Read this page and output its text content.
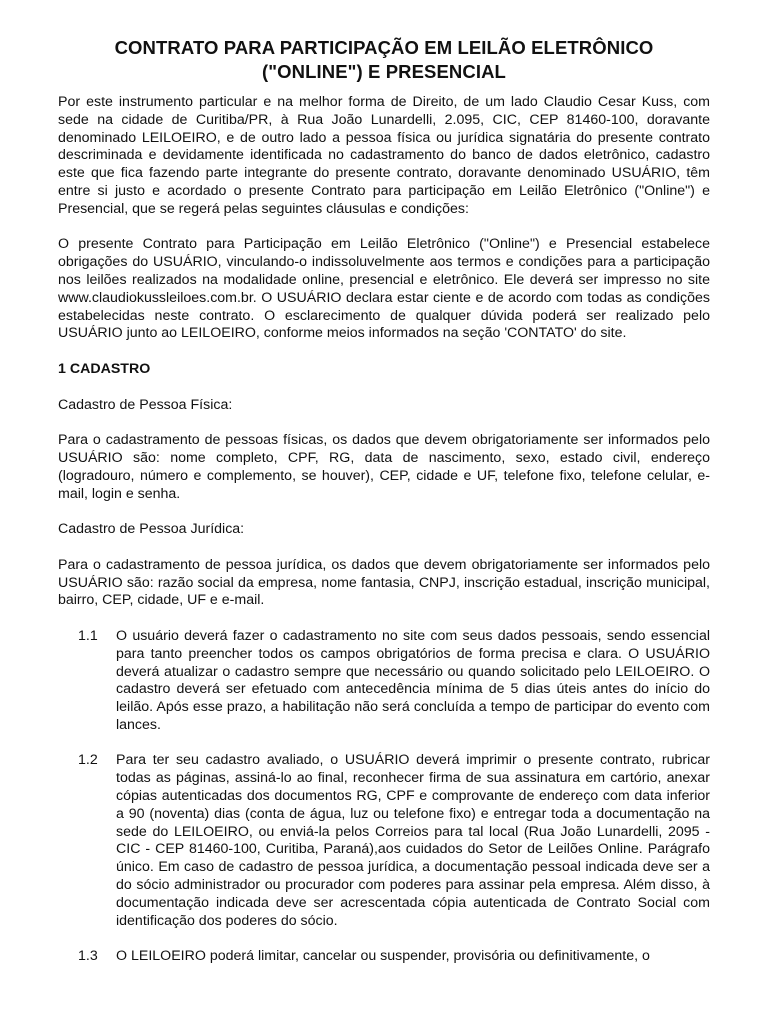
CONTRATO PARA PARTICIPAÇÃO EM LEILÃO ELETRÔNICO
("ONLINE") E PRESENCIAL

Por este instrumento particular e na melhor forma de Direito, de um lado Claudio Cesar Kuss, com sede na cidade de Curitiba/PR, à Rua João Lunardelli, 2.095, CIC, CEP 81460-100, doravante denominado LEILOEIRO, e de outro lado a pessoa física ou jurídica signatária do presente contrato descriminada e devidamente identificada no cadastramento do banco de dados eletrônico, cadastro este que fica fazendo parte integrante do presente contrato, doravante denominado USUÁRIO, têm entre si justo e acordado o presente Contrato para participação em Leilão Eletrônico ("Online") e Presencial, que se regerá pelas seguintes cláusulas e condições:

O presente Contrato para Participação em Leilão Eletrônico ("Online") e Presencial estabelece obrigações do USUÁRIO, vinculando-o indissoluvelmente aos termos e condições para a participação nos leilões realizados na modalidade online, presencial e eletrônico. Ele deverá ser impresso no site www.claudiokussleiloes.com.br. O USUÁRIO declara estar ciente e de acordo com todas as condições estabelecidas neste contrato. O esclarecimento de qualquer dúvida poderá ser realizado pelo USUÁRIO junto ao LEILOEIRO, conforme meios informados na seção 'CONTATO' do site.

1 CADASTRO

Cadastro de Pessoa Física:

Para o cadastramento de pessoas físicas, os dados que devem obrigatoriamente ser informados pelo USUÁRIO são: nome completo, CPF, RG, data de nascimento, sexo, estado civil, endereço (logradouro, número e complemento, se houver), CEP, cidade e UF, telefone fixo, telefone celular, e-mail, login e senha.

Cadastro de Pessoa Jurídica:

Para o cadastramento de pessoa jurídica, os dados que devem obrigatoriamente ser informados pelo USUÁRIO são: razão social da empresa, nome fantasia, CNPJ, inscrição estadual, inscrição municipal, bairro, CEP, cidade, UF e e-mail.

1.1	O usuário deverá fazer o cadastramento no site com seus dados pessoais, sendo essencial para tanto preencher todos os campos obrigatórios de forma precisa e clara. O USUÁRIO deverá atualizar o cadastro sempre que necessário ou quando solicitado pelo LEILOEIRO. O cadastro deverá ser efetuado com antecedência mínima de 5 dias úteis antes do início do leilão. Após esse prazo, a habilitação não será concluída a tempo de participar do evento com lances.
1.2	Para ter seu cadastro avaliado, o USUÁRIO deverá imprimir o presente contrato, rubricar todas as páginas, assiná-lo ao final, reconhecer firma de sua assinatura em cartório, anexar cópias autenticadas dos documentos RG, CPF e comprovante de endereço com data inferior a 90 (noventa) dias (conta de água, luz ou telefone fixo) e entregar toda a documentação na sede do LEILOEIRO, ou enviá-la pelos Correios para tal local (Rua João Lunardelli, 2095 - CIC - CEP 81460-100, Curitiba, Paraná),aos cuidados do Setor de Leilões Online. Parágrafo único. Em caso de cadastro de pessoa jurídica, a documentação pessoal indicada deve ser a do sócio administrador ou procurador com poderes para assinar pela empresa. Além disso, à documentação indicada deve ser acrescentada cópia autenticada de Contrato Social com identificação dos poderes do sócio.
1.3	O LEILOEIRO poderá limitar, cancelar ou suspender, provisória ou definitivamente, o
